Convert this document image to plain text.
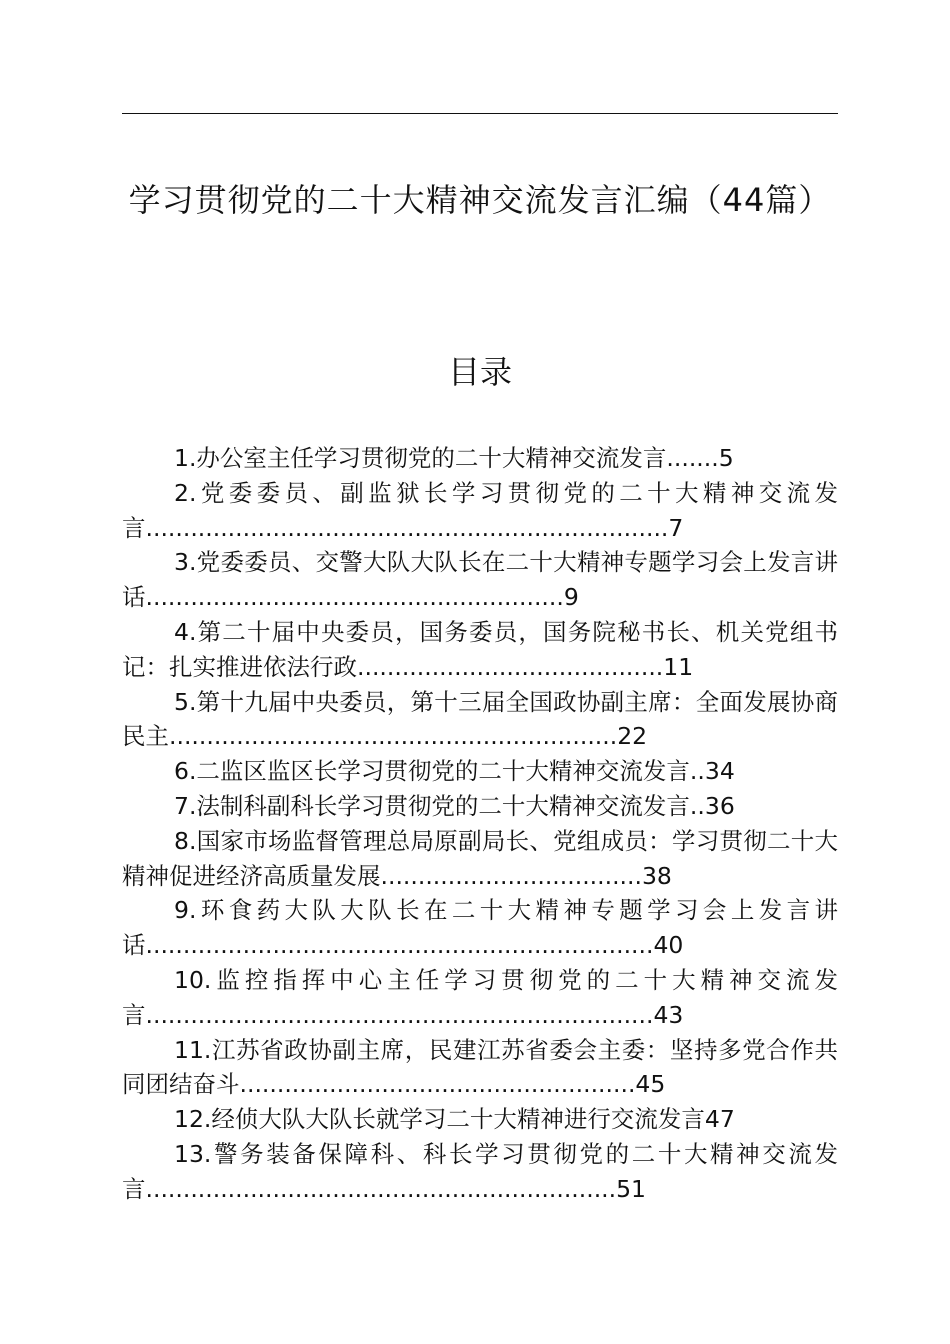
学习贯彻党的二十大精神交流发言汇编（44篇）
目录
1.办公室主任学习贯彻党的二十大精神交流发言.......5
2.党委委员、副监狱长学习贯彻党的二十大精神交流发言......................................................................7
3.党委委员、交警大队大队长在二十大精神专题学习会上发言讲话........................................................9
4.第二十届中央委员，国务委员，国务院秘书长、机关党组书记：扎实推进依法行政.........................................11
5.第十九届中央委员，第十三届全国政协副主席：全面发展协商民主............................................................22
6.二监区监区长学习贯彻党的二十大精神交流发言..34
7.法制科副科长学习贯彻党的二十大精神交流发言..36
8.国家市场监督管理总局原副局长、党组成员：学习贯彻二十大精神促进经济高质量发展...................................38
9.环食药大队大队长在二十大精神专题学习会上发言讲话....................................................................40
10.监控指挥中心主任学习贯彻党的二十大精神交流发言....................................................................43
11.江苏省政协副主席，民建江苏省委会主委：坚持多党合作共同团结奋斗.....................................................45
12.经侦大队大队长就学习二十大精神进行交流发言47
13.警务装备保障科、科长学习贯彻党的二十大精神交流发言...............................................................51
